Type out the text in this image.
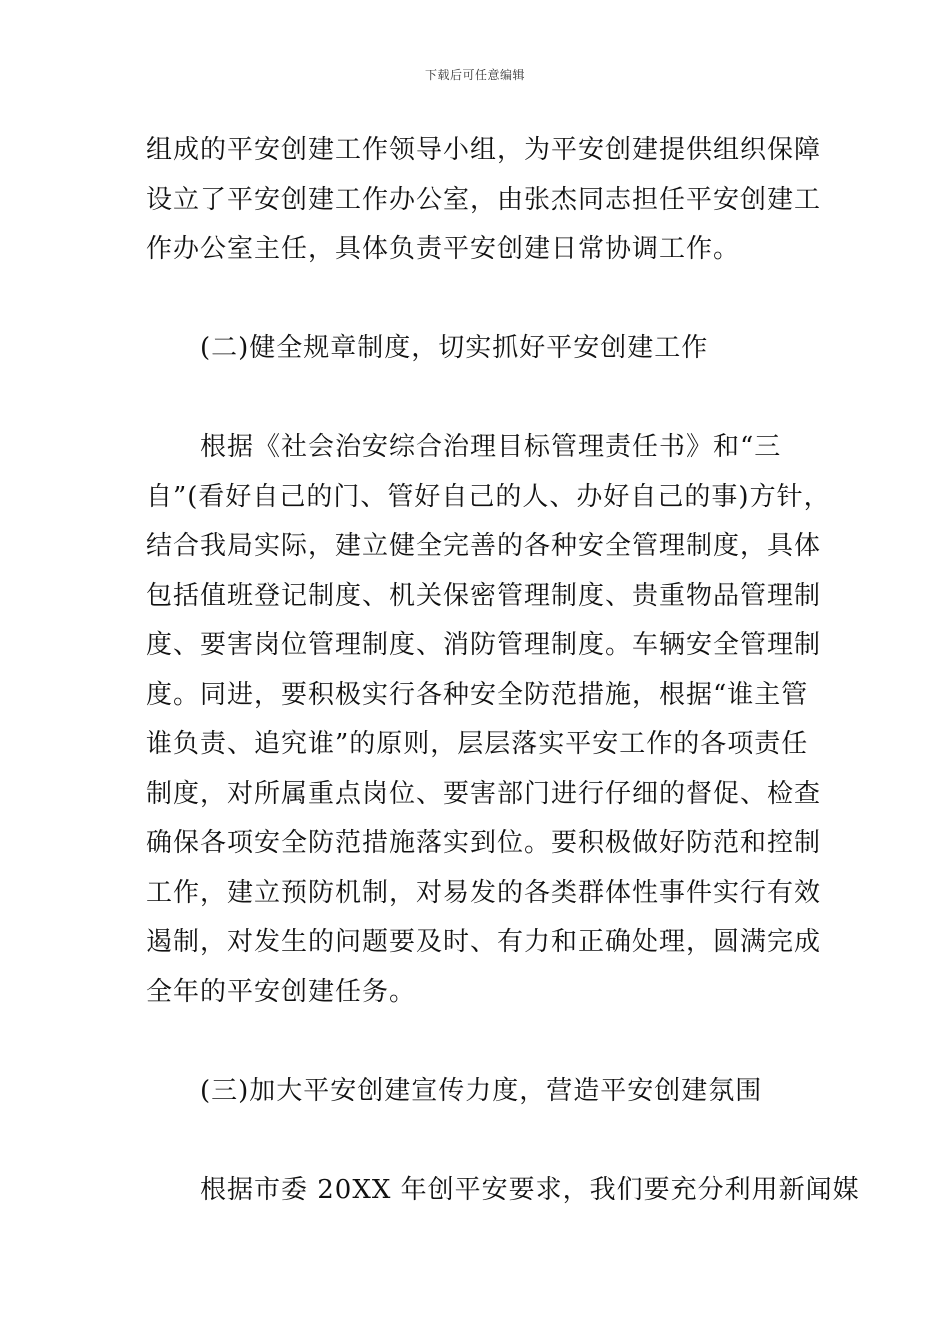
下载后可任意编辑
组成的平安创建工作领导小组，为平安创建提供组织保障
设立了平安创建工作办公室，由张杰同志担任平安创建工
作办公室主任，具体负责平安创建日常协调工作。
(二)健全规章制度，切实抓好平安创建工作
根据《社会治安综合治理目标管理责任书》和“三
自”(看好自己的门、管好自己的人、办好自己的事)方针，
结合我局实际，建立健全完善的各种安全管理制度，具体
包括值班登记制度、机关保密管理制度、贵重物品管理制
度、要害岗位管理制度、消防管理制度。车辆安全管理制
度。同进，要积极实行各种安全防范措施，根据“谁主管
谁负责、追究谁”的原则，层层落实平安工作的各项责任
制度，对所属重点岗位、要害部门进行仔细的督促、检查
确保各项安全防范措施落实到位。要积极做好防范和控制
工作，建立预防机制，对易发的各类群体性事件实行有效
遏制，对发生的问题要及时、有力和正确处理，圆满完成
全年的平安创建任务。
(三)加大平安创建宣传力度，营造平安创建氛围
根据市委 20XX 年创平安要求，我们要充分利用新闻媒
